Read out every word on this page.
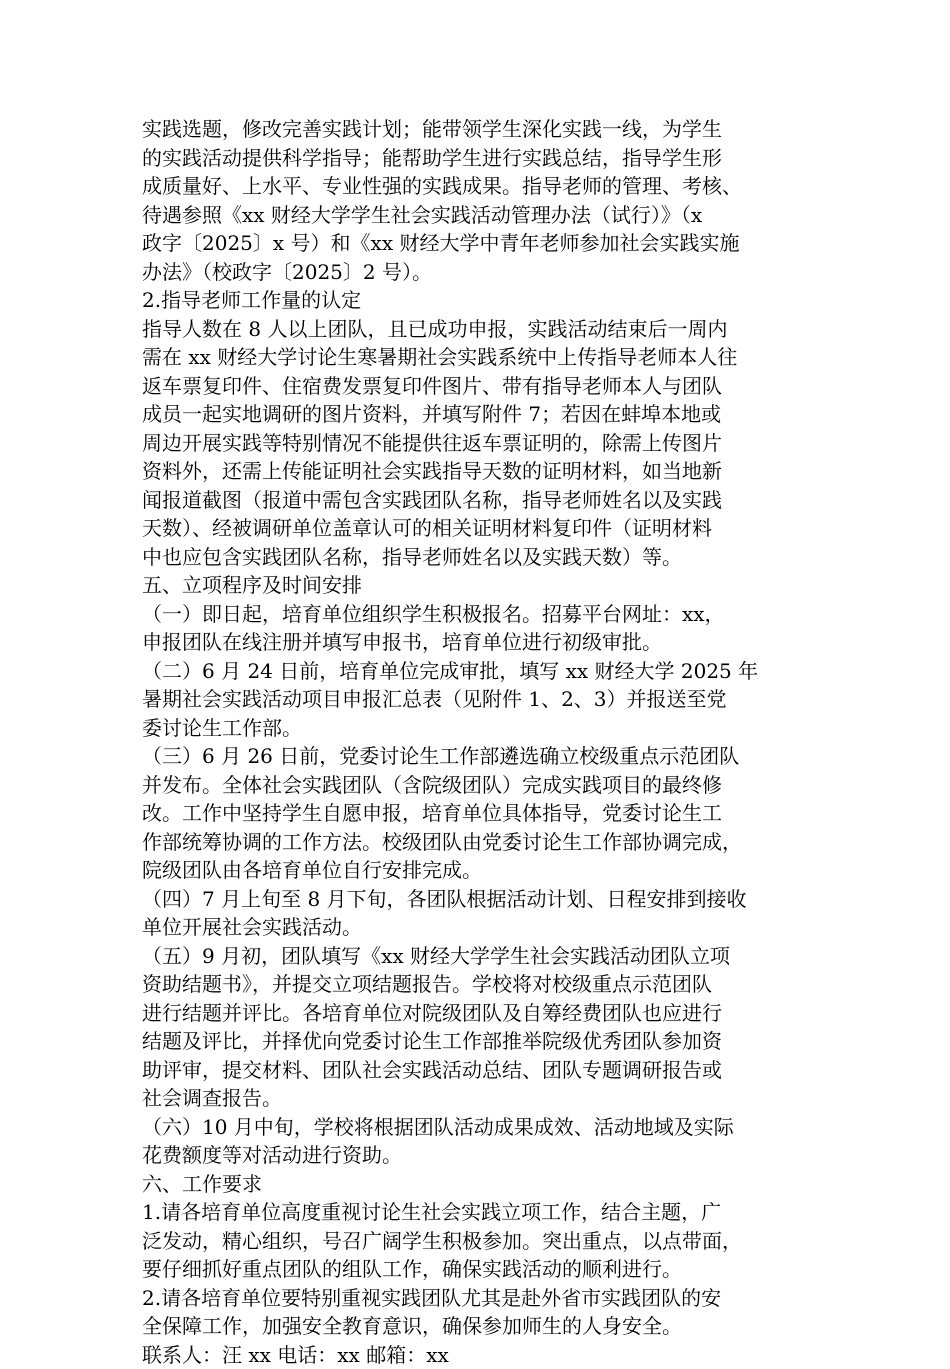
实践选题，修改完善实践计划；能带领学生深化实践一线，为学生
的实践活动提供科学指导；能帮助学生进行实践总结，指导学生形
成质量好、上水平、专业性强的实践成果。指导老师的管理、考核、
待遇参照《xx 财经大学学生社会实践活动管理办法（试行）》（x
政字〔2025〕x 号）和《xx 财经大学中青年老师参加社会实践实施
办法》（校政字〔2025〕2 号）。
2.指导老师工作量的认定
指导人数在 8 人以上团队，且已成功申报，实践活动结束后一周内
需在 xx 财经大学讨论生寒暑期社会实践系统中上传指导老师本人往
返车票复印件、住宿费发票复印件图片、带有指导老师本人与团队
成员一起实地调研的图片资料，并填写附件 7；若因在蚌埠本地或
周边开展实践等特别情况不能提供往返车票证明的，除需上传图片
资料外，还需上传能证明社会实践指导天数的证明材料，如当地新
闻报道截图（报道中需包含实践团队名称，指导老师姓名以及实践
天数）、经被调研单位盖章认可的相关证明材料复印件（证明材料
中也应包含实践团队名称，指导老师姓名以及实践天数）等。
五、立项程序及时间安排
（一）即日起，培育单位组织学生积极报名。招募平台网址：xx，
申报团队在线注册并填写申报书，培育单位进行初级审批。
（二）6 月 24 日前，培育单位完成审批，填写 xx 财经大学 2025 年
暑期社会实践活动项目申报汇总表（见附件 1、2、3）并报送至党
委讨论生工作部。
（三）6 月 26 日前，党委讨论生工作部遴选确立校级重点示范团队
并发布。全体社会实践团队（含院级团队）完成实践项目的最终修
改。工作中坚持学生自愿申报，培育单位具体指导，党委讨论生工
作部统筹协调的工作方法。校级团队由党委讨论生工作部协调完成，
院级团队由各培育单位自行安排完成。
（四）7 月上旬至 8 月下旬，各团队根据活动计划、日程安排到接收
单位开展社会实践活动。
（五）9 月初，团队填写《xx 财经大学学生社会实践活动团队立项
资助结题书》，并提交立项结题报告。学校将对校级重点示范团队
进行结题并评比。各培育单位对院级团队及自筹经费团队也应进行
结题及评比，并择优向党委讨论生工作部推举院级优秀团队参加资
助评审，提交材料、团队社会实践活动总结、团队专题调研报告或
社会调查报告。
（六）10 月中旬，学校将根据团队活动成果成效、活动地域及实际
花费额度等对活动进行资助。
六、工作要求
1.请各培育单位高度重视讨论生社会实践立项工作，结合主题，广
泛发动，精心组织，号召广阔学生积极参加。突出重点，以点带面，
要仔细抓好重点团队的组队工作，确保实践活动的顺利进行。
2.请各培育单位要特别重视实践团队尤其是赴外省市实践团队的安
全保障工作，加强安全教育意识，确保参加师生的人身安全。
联系人：汪 xx 电话：xx 邮箱：xx
